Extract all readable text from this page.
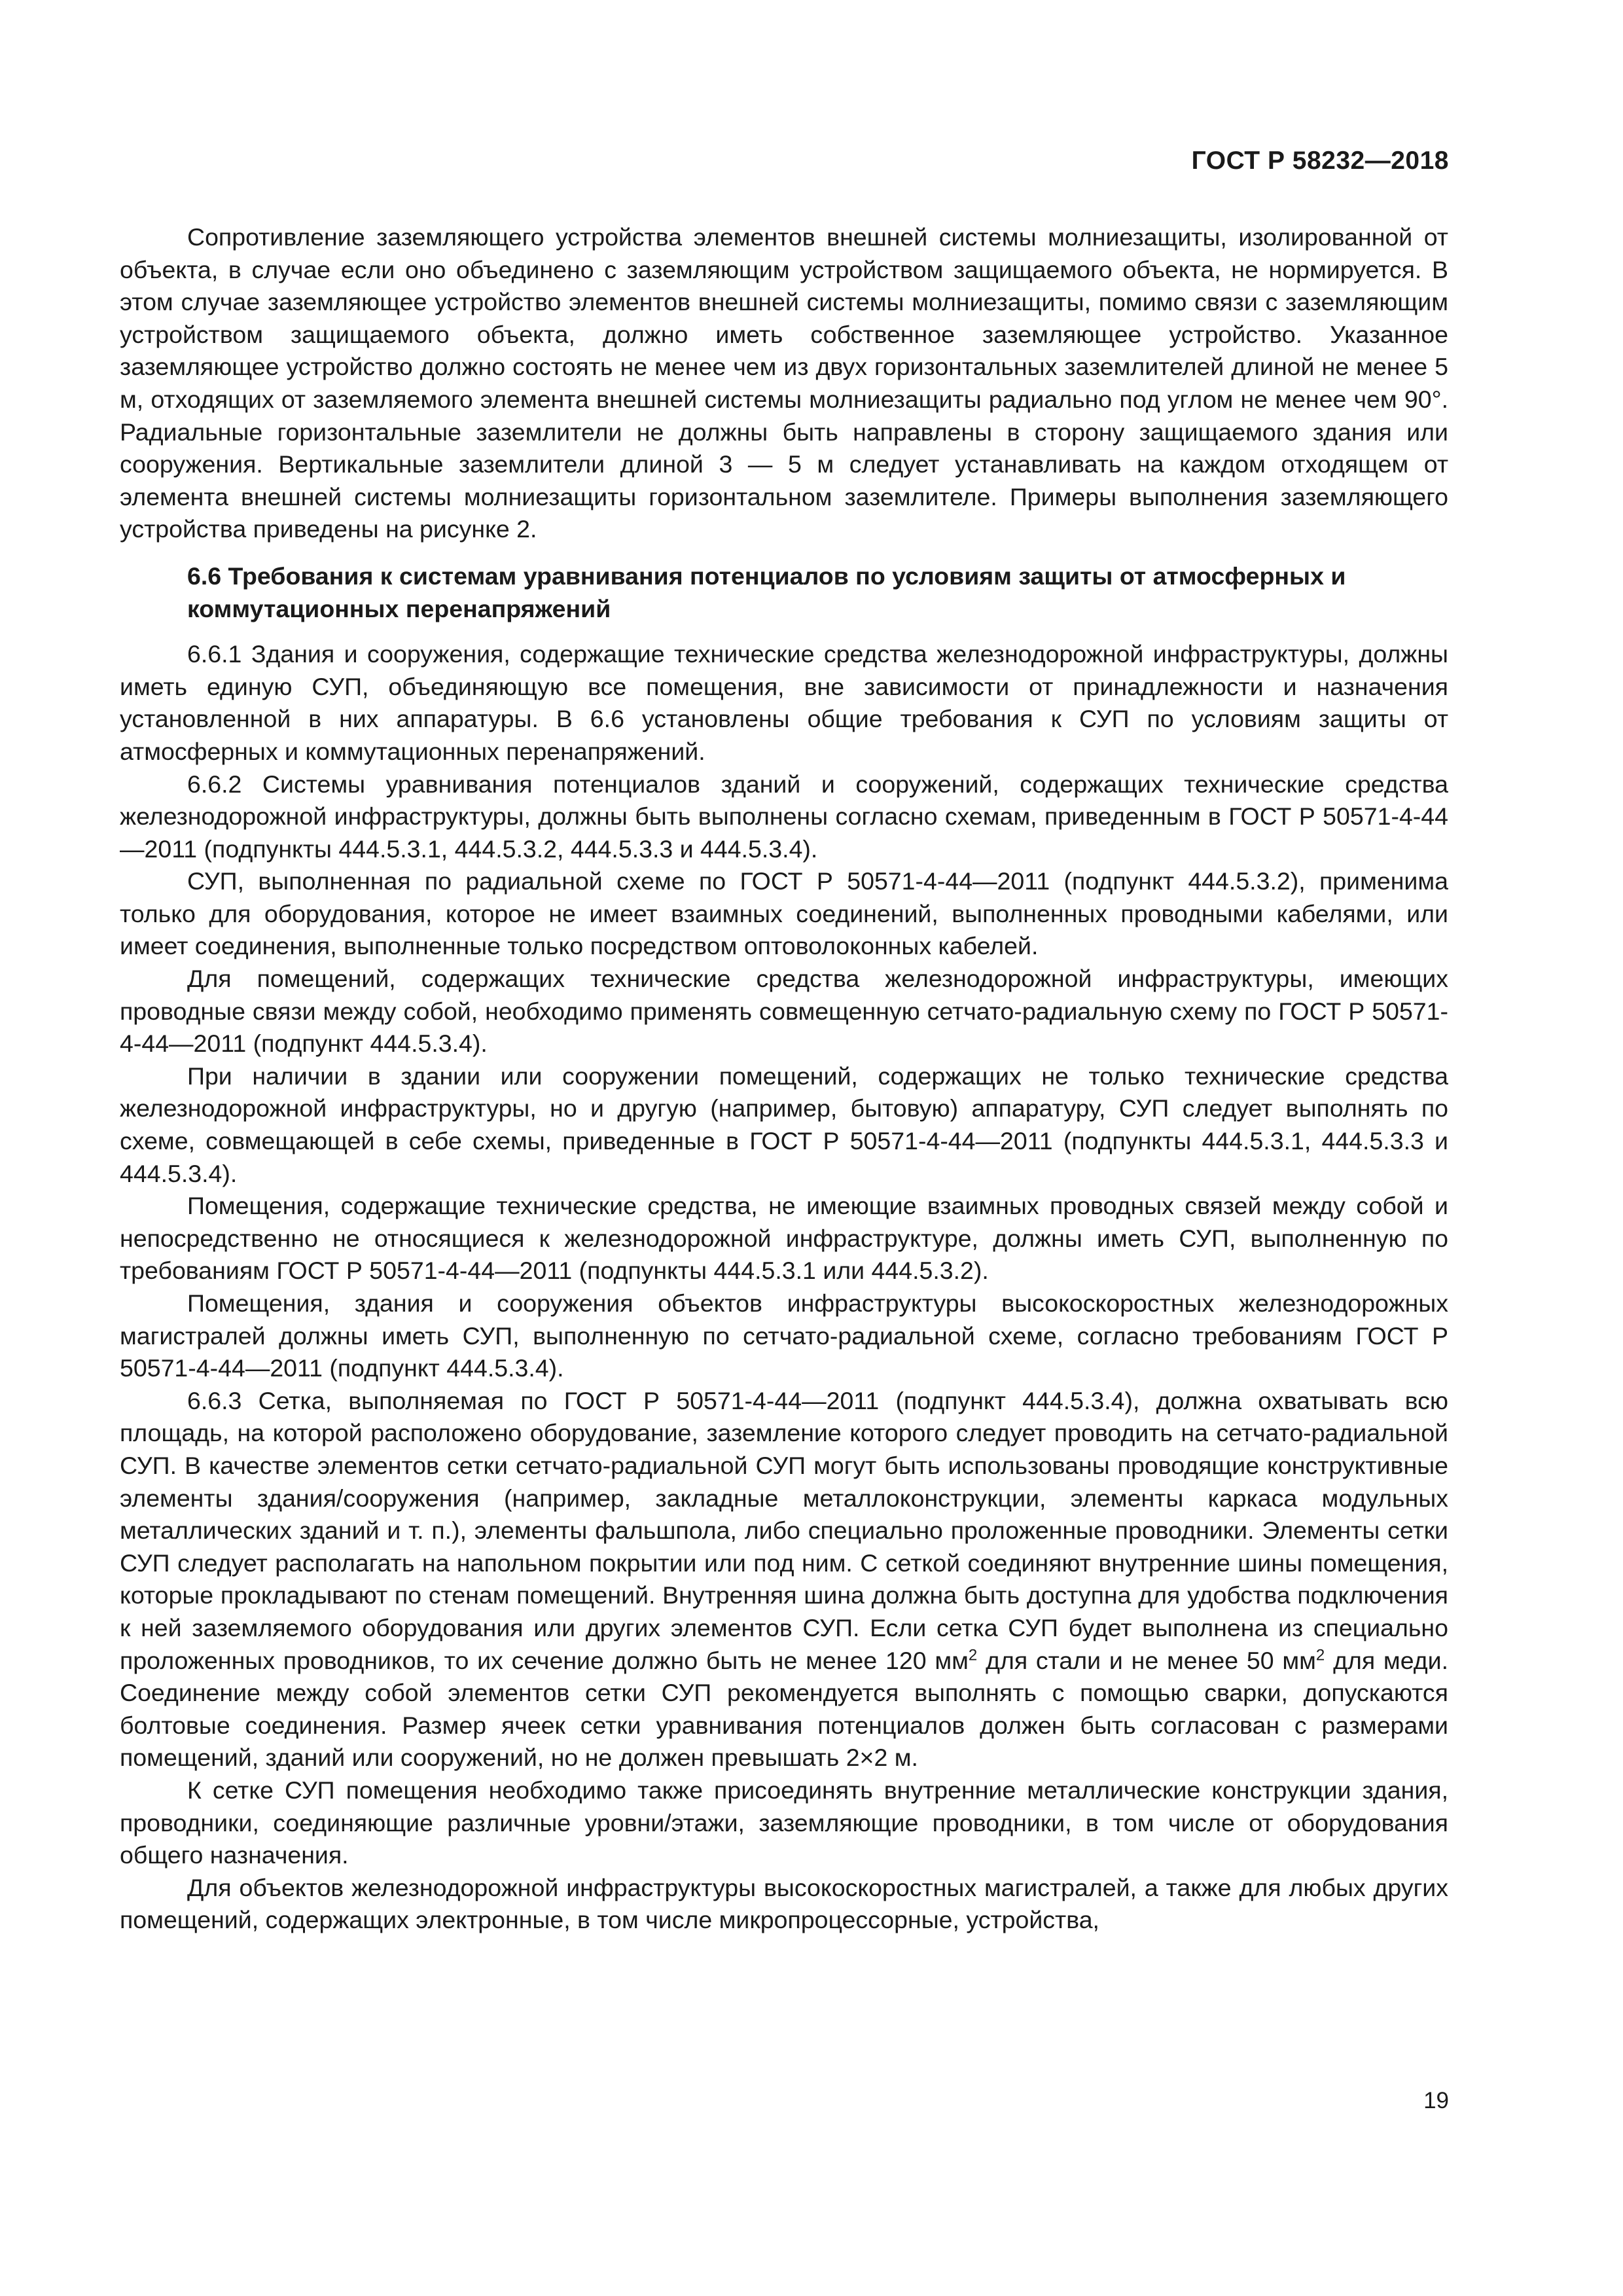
ГОСТ Р 58232—2018

Сопротивление заземляющего устройства элементов внешней системы молниезащиты, изолированной от объекта, в случае если оно объединено с заземляющим устройством защищаемого объекта, не нормируется. В этом случае заземляющее устройство элементов внешней системы молниезащиты, помимо связи с заземляющим устройством защищаемого объекта, должно иметь собственное заземляющее устройство. Указанное заземляющее устройство должно состоять не менее чем из двух горизонтальных заземлителей длиной не менее 5 м, отходящих от заземляемого элемента внешней системы молниезащиты радиально под углом не менее чем 90°. Радиальные горизонтальные заземлители не должны быть направлены в сторону защищаемого здания или сооружения. Вертикальные заземлители длиной 3 — 5 м следует устанавливать на каждом отходящем от элемента внешней системы молниезащиты горизонтальном заземлителе. Примеры выполнения заземляющего устройства приведены на рисунке 2.

6.6 Требования к системам уравнивания потенциалов по условиям защиты от атмосферных и коммутационных перенапряжений

6.6.1 Здания и сооружения, содержащие технические средства железнодорожной инфраструктуры, должны иметь единую СУП, объединяющую все помещения, вне зависимости от принадлежности и назначения установленной в них аппаратуры. В 6.6 установлены общие требования к СУП по условиям защиты от атмосферных и коммутационных перенапряжений.

6.6.2 Системы уравнивания потенциалов зданий и сооружений, содержащих технические средства железнодорожной инфраструктуры, должны быть выполнены согласно схемам, приведенным в ГОСТ Р 50571-4-44—2011 (подпункты 444.5.3.1, 444.5.3.2, 444.5.3.3 и 444.5.3.4).

СУП, выполненная по радиальной схеме по ГОСТ Р 50571-4-44—2011 (подпункт 444.5.3.2), применима только для оборудования, которое не имеет взаимных соединений, выполненных проводными кабелями, или имеет соединения, выполненные только посредством оптоволоконных кабелей.

Для помещений, содержащих технические средства железнодорожной инфраструктуры, имеющих проводные связи между собой, необходимо применять совмещенную сетчато-радиальную схему по ГОСТ Р 50571-4-44—2011 (подпункт 444.5.3.4).

При наличии в здании или сооружении помещений, содержащих не только технические средства железнодорожной инфраструктуры, но и другую (например, бытовую) аппаратуру, СУП следует выполнять по схеме, совмещающей в себе схемы, приведенные в ГОСТ Р 50571-4-44—2011 (подпункты 444.5.3.1, 444.5.3.3 и 444.5.3.4).

Помещения, содержащие технические средства, не имеющие взаимных проводных связей между собой и непосредственно не относящиеся к железнодорожной инфраструктуре, должны иметь СУП, выполненную по требованиям ГОСТ Р 50571-4-44—2011 (подпункты 444.5.3.1 или 444.5.3.2).

Помещения, здания и сооружения объектов инфраструктуры высокоскоростных железнодорожных магистралей должны иметь СУП, выполненную по сетчато-радиальной схеме, согласно требованиям ГОСТ Р 50571-4-44—2011 (подпункт 444.5.3.4).

6.6.3 Сетка, выполняемая по ГОСТ Р 50571-4-44—2011 (подпункт 444.5.3.4), должна охватывать всю площадь, на которой расположено оборудование, заземление которого следует проводить на сетчато-радиальной СУП. В качестве элементов сетки сетчато-радиальной СУП могут быть использованы проводящие конструктивные элементы здания/сооружения (например, закладные металлоконструкции, элементы каркаса модульных металлических зданий и т. п.), элементы фальшпола, либо специально проложенные проводники. Элементы сетки СУП следует располагать на напольном покрытии или под ним. С сеткой соединяют внутренние шины помещения, которые прокладывают по стенам помещений. Внутренняя шина должна быть доступна для удобства подключения к ней заземляемого оборудования или других элементов СУП. Если сетка СУП будет выполнена из специально проложенных проводников, то их сечение должно быть не менее 120 $мм^2$ для стали и не менее 50 $мм^2$ для меди. Соединение между собой элементов сетки СУП рекомендуется выполнять с помощью сварки, допускаются болтовые соединения. Размер ячеек сетки уравнивания потенциалов должен быть согласован с размерами помещений, зданий или сооружений, но не должен превышать 2×2 м.

К сетке СУП помещения необходимо также присоединять внутренние металлические конструкции здания, проводники, соединяющие различные уровни/этажи, заземляющие проводники, в том числе от оборудования общего назначения.

Для объектов железнодорожной инфраструктуры высокоскоростных магистралей, а также для любых других помещений, содержащих электронные, в том числе микропроцессорные, устройства,

19
